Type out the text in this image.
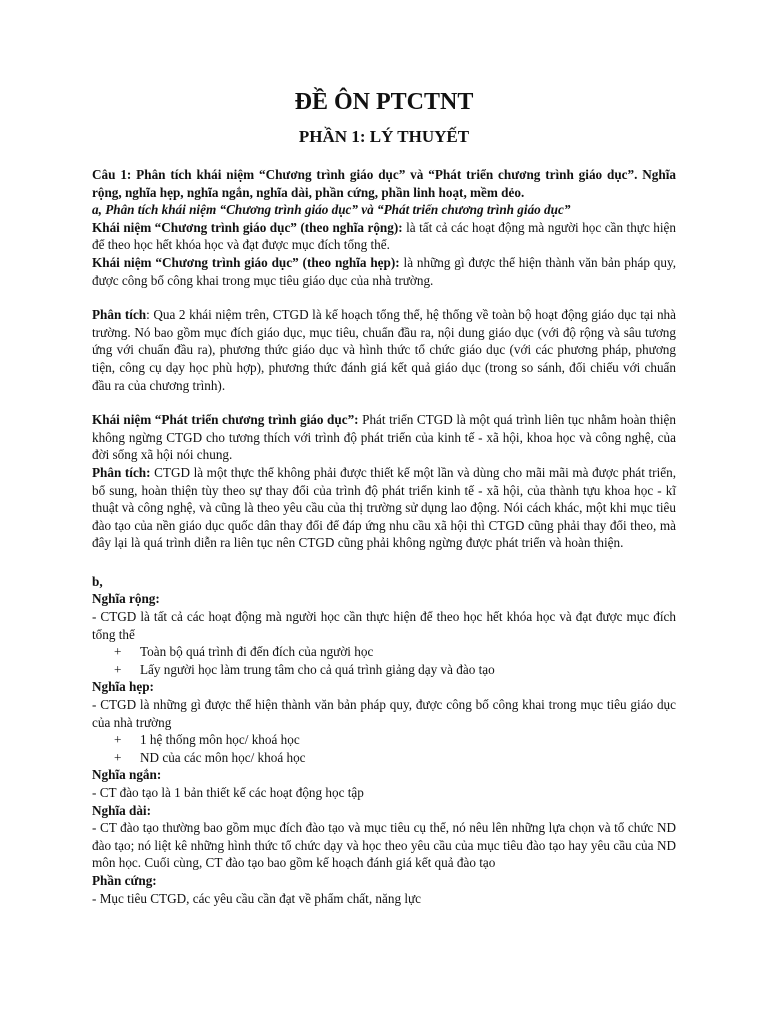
ĐỀ ÔN PTCTNT
PHẦN 1: LÝ THUYẾT

Câu 1: Phân tích khái niệm “Chương trình giáo dục” và “Phát triển chương trình giáo dục”. Nghĩa rộng, nghĩa hẹp, nghĩa ngắn, nghĩa dài, phần cứng, phần linh hoạt, mềm dẻo.

a, Phân tích khái niệm “Chương trình giáo dục” và “Phát triển chương trình giáo dục”

Khái niệm “Chương trình giáo dục” (theo nghĩa rộng): là tất cả các hoạt động mà người học cần thực hiện để theo học hết khóa học và đạt được mục đích tổng thể.

Khái niệm “Chương trình giáo dục” (theo nghĩa hẹp): là những gì được thể hiện thành văn bản pháp quy, được công bố công khai trong mục tiêu giáo dục của nhà trường.

Phân tích: Qua 2 khái niệm trên, CTGD là kế hoạch tổng thể, hệ thống về toàn bộ hoạt động giáo dục tại nhà trường. Nó bao gồm mục đích giáo dục, mục tiêu, chuẩn đầu ra, nội dung giáo dục (với độ rộng và sâu tương ứng với chuẩn đầu ra), phương thức giáo dục và hình thức tổ chức giáo dục (với các phương pháp, phương tiện, công cụ dạy học phù hợp), phương thức đánh giá kết quả giáo dục (trong so sánh, đối chiếu với chuẩn đầu ra của chương trình).

Khái niệm “Phát triển chương trình giáo dục”: Phát triển CTGD là một quá trình liên tục nhằm hoàn thiện không ngừng CTGD cho tương thích với trình độ phát triển của kinh tế - xã hội, khoa học và công nghệ, của đời sống xã hội nói chung.

Phân tích: CTGD là một thực thể không phải được thiết kế một lần và dùng cho mãi mãi mà được phát triển, bổ sung, hoàn thiện tùy theo sự thay đổi của trình độ phát triển kinh tế - xã hội, của thành tựu khoa học - kĩ thuật và công nghệ, và cũng là theo yêu cầu của thị trường sử dụng lao động. Nói cách khác, một khi mục tiêu đào tạo của nền giáo dục quốc dân thay đổi để đáp ứng nhu cầu xã hội thì CTGD cũng phải thay đổi theo, mà đây lại là quá trình diễn ra liên tục nên CTGD cũng phải không ngừng được phát triển và hoàn thiện.

b,

Nghĩa rộng:

- CTGD là tất cả các hoạt động mà người học cần thực hiện để theo học hết khóa học và đạt được mục đích tổng thể

+	Toàn bộ quá trình đi đến đích của người học
+	Lấy người học làm trung tâm cho cả quá trình giảng dạy và đào tạo

Nghĩa hẹp:

- CTGD là những gì được thể hiện thành văn bản pháp quy, được công bố công khai trong mục tiêu giáo dục của nhà trường

+	1 hệ thống môn học/ khoá học
+	ND của các môn học/ khoá học

Nghĩa ngắn:

- CT đào tạo là 1 bản thiết kế các hoạt động học tập

Nghĩa dài:

- CT đào tạo thường bao gồm mục đích đào tạo và mục tiêu cụ thể, nó nêu lên những lựa chọn và tổ chức ND đào tạo; nó liệt kê những hình thức tổ chức dạy và học theo yêu cầu của mục tiêu đào tạo hay yêu cầu của ND môn học. Cuối cùng, CT đào tạo bao gồm kế hoạch đánh giá kết quả đào tạo

Phần cứng:

- Mục tiêu CTGD, các yêu cầu cần đạt về phẩm chất, năng lực
